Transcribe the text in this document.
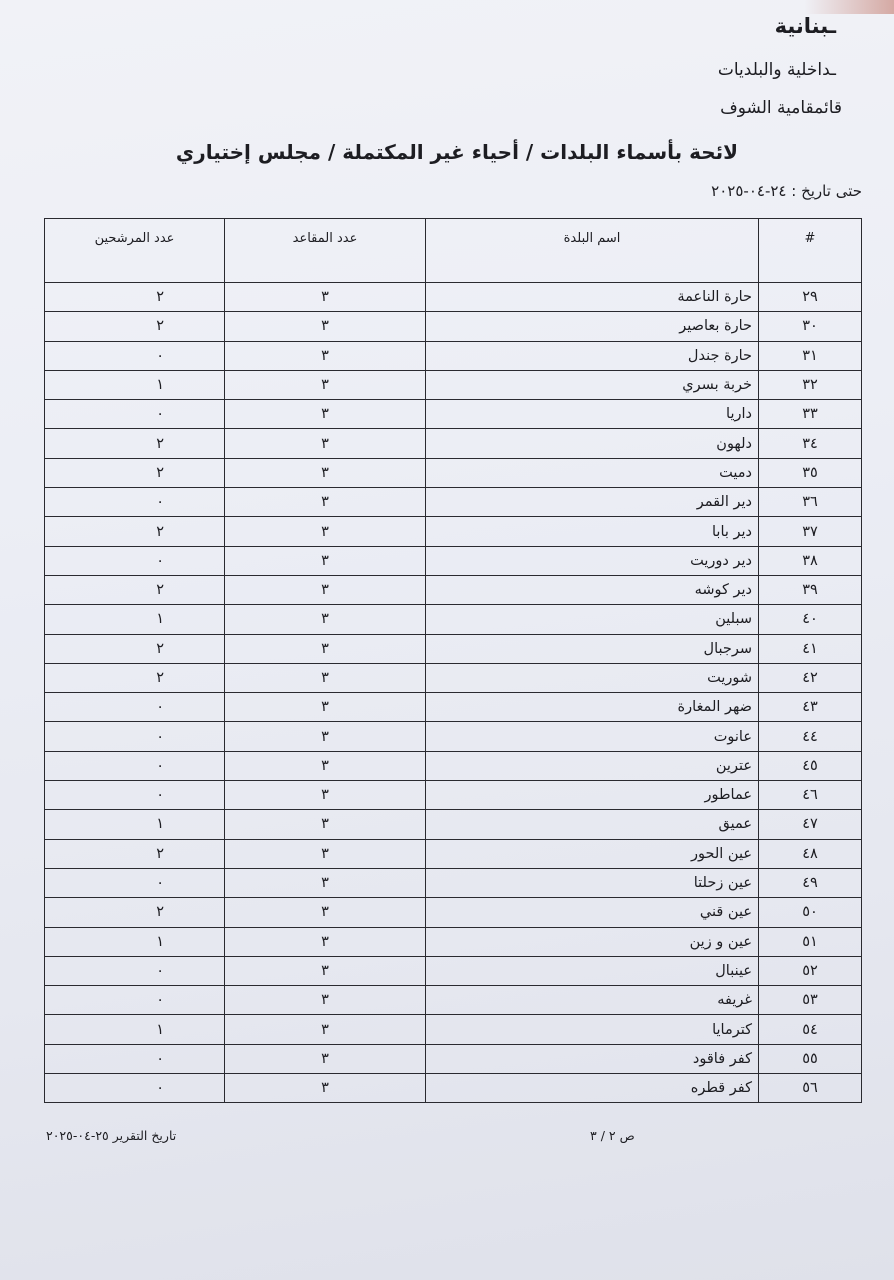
ـبنانية
ـداخلية والبلديات
قائمقامية الشوف
لائحة بأسماء البلدات / أحياء غير المكتملة / مجلس إختياري
حتى تاريخ : ٢٤-٠٤-٢٠٢٥
#	اسم البلدة	عدد المقاعد	عدد المرشحين
٢٩	حارة الناعمة	٣	٢
٣٠	حارة بعاصير	٣	٢
٣١	حارة جندل	٣	٠
٣٢	خربة بسري	٣	١
٣٣	داريا	٣	٠
٣٤	دلهون	٣	٢
٣٥	دميت	٣	٢
٣٦	دير القمر	٣	٠
٣٧	دير بابا	٣	٢
٣٨	دير دوريت	٣	٠
٣٩	دير كوشه	٣	٢
٤٠	سبلين	٣	١
٤١	سرجبال	٣	٢
٤٢	شوريت	٣	٢
٤٣	ضهر المغارة	٣	٠
٤٤	عانوت	٣	٠
٤٥	عترين	٣	٠
٤٦	عماطور	٣	٠
٤٧	عميق	٣	١
٤٨	عين الحور	٣	٢
٤٩	عين زحلتا	٣	٠
٥٠	عين قني	٣	٢
٥١	عين و زين	٣	١
٥٢	عينبال	٣	٠
٥٣	غريفه	٣	٠
٥٤	كترمايا	٣	١
٥٥	كفر فاقود	٣	٠
٥٦	كفر قطره	٣	٠
ص ٢ / ٣
تاريخ التقرير ٢٥-٠٤-٢٠٢٥
